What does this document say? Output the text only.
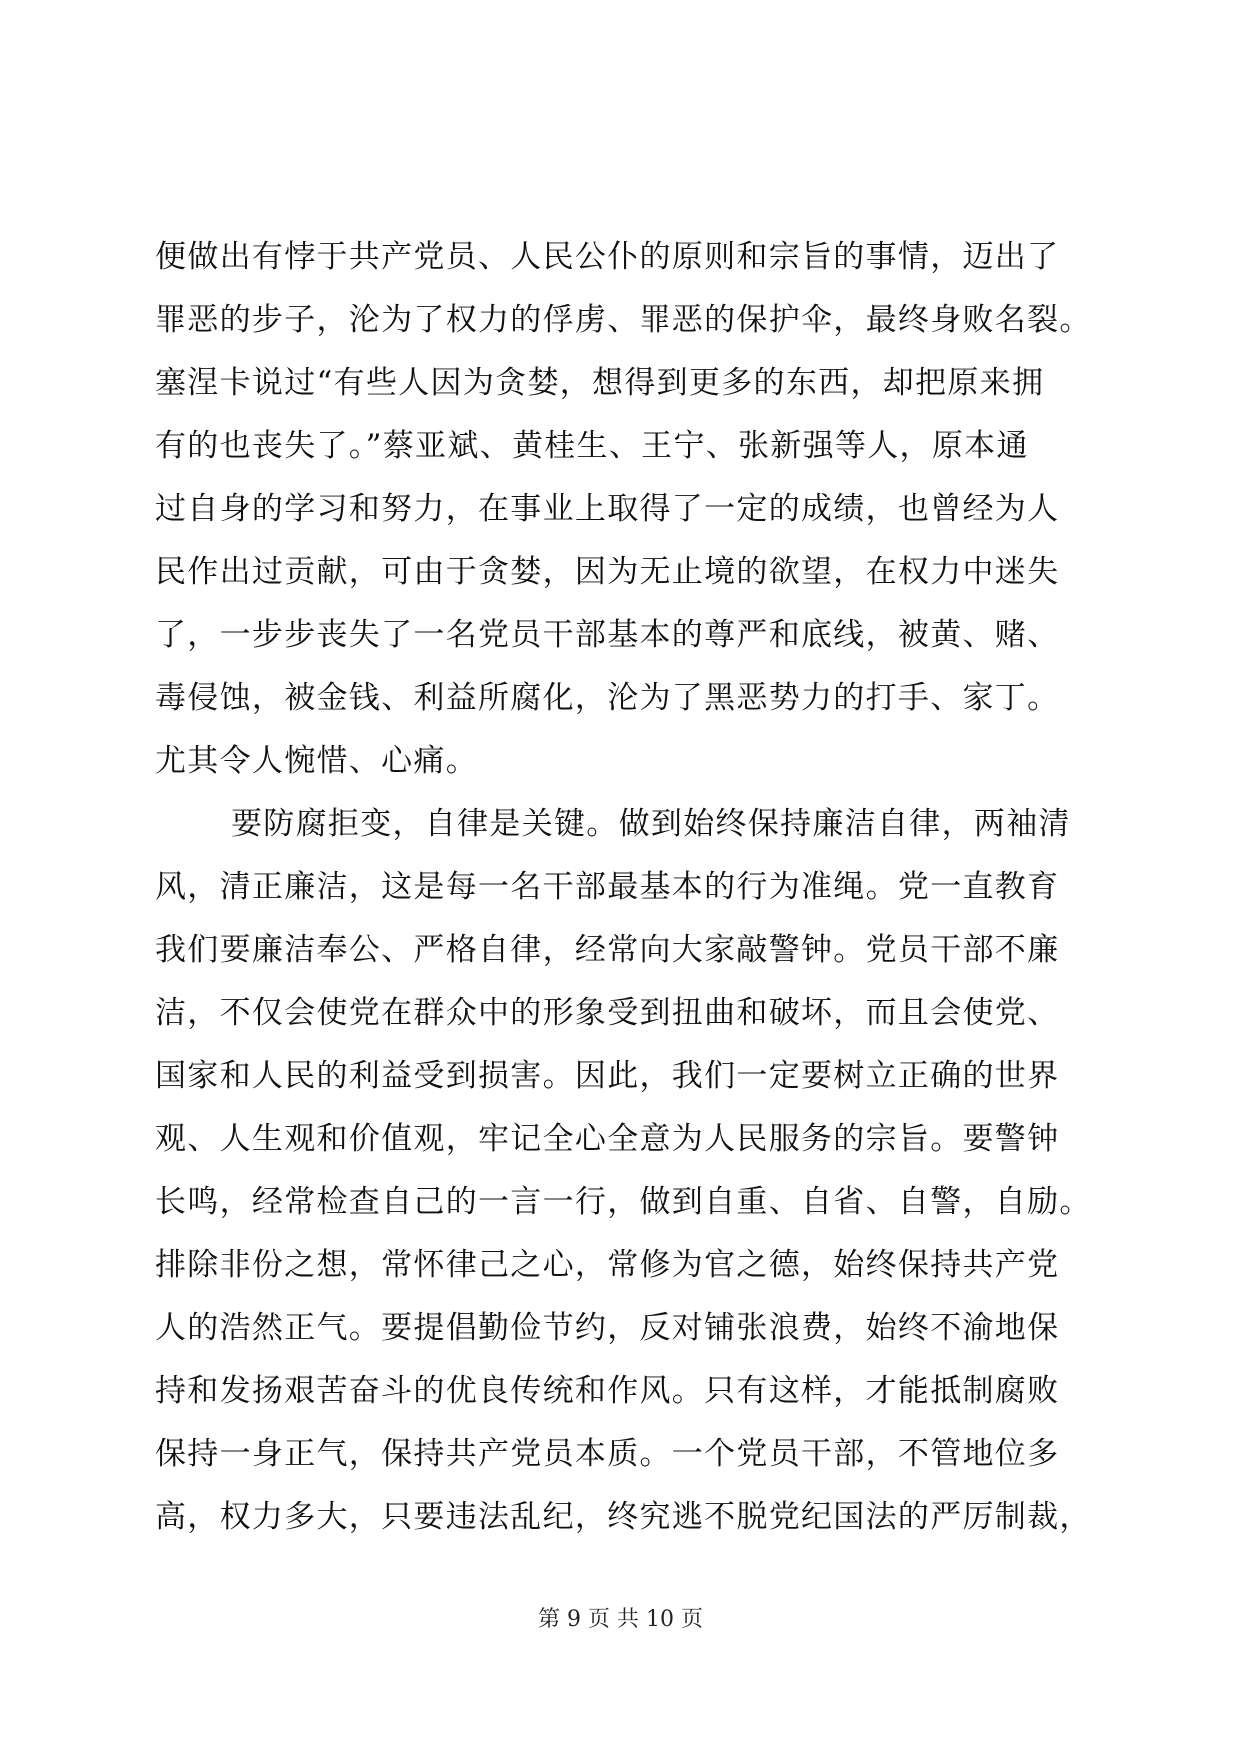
便做出有悖于共产党员、人民公仆的原则和宗旨的事情，迈出了
罪恶的步子，沦为了权力的俘虏、罪恶的保护伞，最终身败名裂。
塞涅卡说过“有些人因为贪婪，想得到更多的东西，却把原来拥
有的也丧失了。”蔡亚斌、黄桂生、王宁、张新强等人，原本通
过自身的学习和努力，在事业上取得了一定的成绩，也曾经为人
民作出过贡献，可由于贪婪，因为无止境的欲望，在权力中迷失
了，一步步丧失了一名党员干部基本的尊严和底线，被黄、赌、
毒侵蚀，被金钱、利益所腐化，沦为了黑恶势力的打手、家丁。
尤其令人惋惜、心痛。
要防腐拒变，自律是关键。做到始终保持廉洁自律，两袖清
风，清正廉洁，这是每一名干部最基本的行为准绳。党一直教育
我们要廉洁奉公、严格自律，经常向大家敲警钟。党员干部不廉
洁，不仅会使党在群众中的形象受到扭曲和破坏，而且会使党、
国家和人民的利益受到损害。因此，我们一定要树立正确的世界
观、人生观和价值观，牢记全心全意为人民服务的宗旨。要警钟
长鸣，经常检查自己的一言一行，做到自重、自省、自警，自励。
排除非份之想，常怀律己之心，常修为官之德，始终保持共产党
人的浩然正气。要提倡勤俭节约，反对铺张浪费，始终不渝地保
持和发扬艰苦奋斗的优良传统和作风。只有这样，才能抵制腐败
保持一身正气，保持共产党员本质。一个党员干部，不管地位多
高，权力多大，只要违法乱纪，终究逃不脱党纪国法的严厉制裁，
第 9 页 共 10 页
